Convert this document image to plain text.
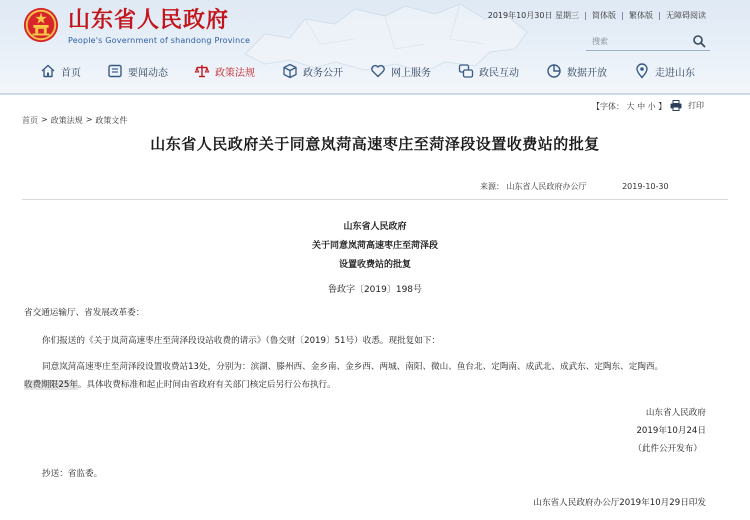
山东省人民政府
People's Government of shandong Province
2019年10月30日 星期三 简体版 繁体版 无障碍阅读
搜索
首页	要闻动态	政策法规	政务公开	网上服务	政民互动	数据开放	走进山东
【字体： 大 中 小 】	打印
首页 > 政策法规 > 政策文件
山东省人民政府关于同意岚菏高速枣庄至菏泽段设置收费站的批复
来源： 山东省人民政府办公厅	2019-10-30
山东省人民政府
关于同意岚菏高速枣庄至菏泽段
设置收费站的批复
鲁政字〔2019〕198号
省交通运输厅、省发展改革委：
你们报送的《关于岚菏高速枣庄至菏泽段设站收费的请示》（鲁交财〔2019〕51号）收悉。现批复如下：
同意岚菏高速枣庄至菏泽段设置收费站13处，分别为：滨湖、滕州西、金乡南、金乡西、两城、南阳、微山、鱼台北、定陶南、成武北、成武东、定陶东、定陶西。
收费期限25年。具体收费标准和起止时间由省政府有关部门核定后另行公布执行。
山东省人民政府
2019年10月24日
（此件公开发布）
抄送：省监委。
山东省人民政府办公厅2019年10月29日印发
